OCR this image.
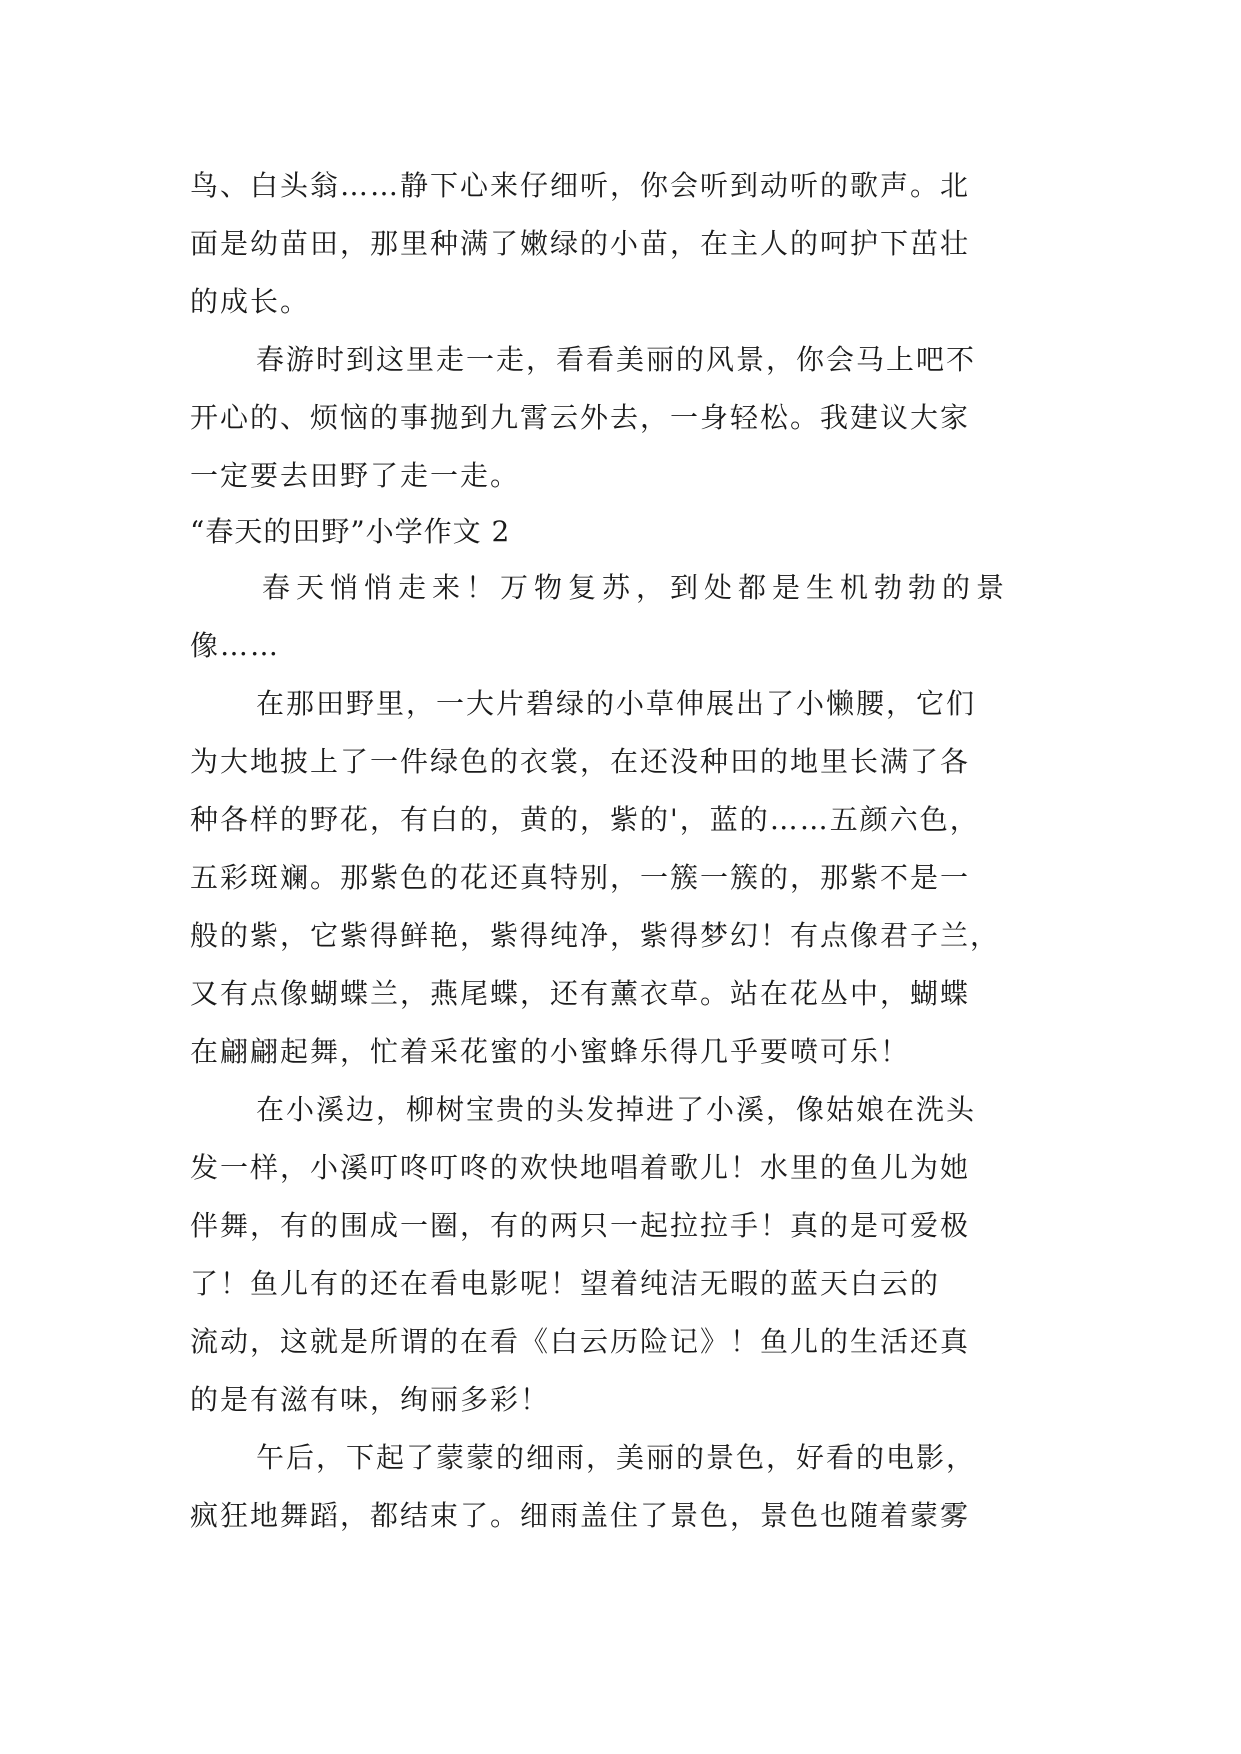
鸟、白头翁……静下心来仔细听，你会听到动听的歌声。北

面是幼苗田，那里种满了嫩绿的小苗，在主人的呵护下茁壮

的成长。

春游时到这里走一走，看看美丽的风景，你会马上吧不

开心的、烦恼的事抛到九霄云外去，一身轻松。我建议大家

一定要去田野了走一走。

“春天的田野”小学作文 2

春天悄悄走来！万物复苏，到处都是生机勃勃的景

像……

在那田野里，一大片碧绿的小草伸展出了小懒腰，它们

为大地披上了一件绿色的衣裳，在还没种田的地里长满了各

种各样的野花，有白的，黄的，紫的'，蓝的……五颜六色，

五彩斑斓。那紫色的花还真特别，一簇一簇的，那紫不是一

般的紫，它紫得鲜艳，紫得纯净，紫得梦幻！有点像君子兰，

又有点像蝴蝶兰，燕尾蝶，还有薰衣草。站在花丛中，蝴蝶

在翩翩起舞，忙着采花蜜的小蜜蜂乐得几乎要喷可乐！

在小溪边，柳树宝贵的头发掉进了小溪，像姑娘在洗头

发一样，小溪叮咚叮咚的欢快地唱着歌儿！水里的鱼儿为她

伴舞，有的围成一圈，有的两只一起拉拉手！真的是可爱极

了！鱼儿有的还在看电影呢！望着纯洁无暇的蓝天白云的

流动，这就是所谓的在看《白云历险记》！鱼儿的生活还真

的是有滋有味，绚丽多彩！

午后，下起了蒙蒙的细雨，美丽的景色，好看的电影，

疯狂地舞蹈，都结束了。细雨盖住了景色，景色也随着蒙雾
